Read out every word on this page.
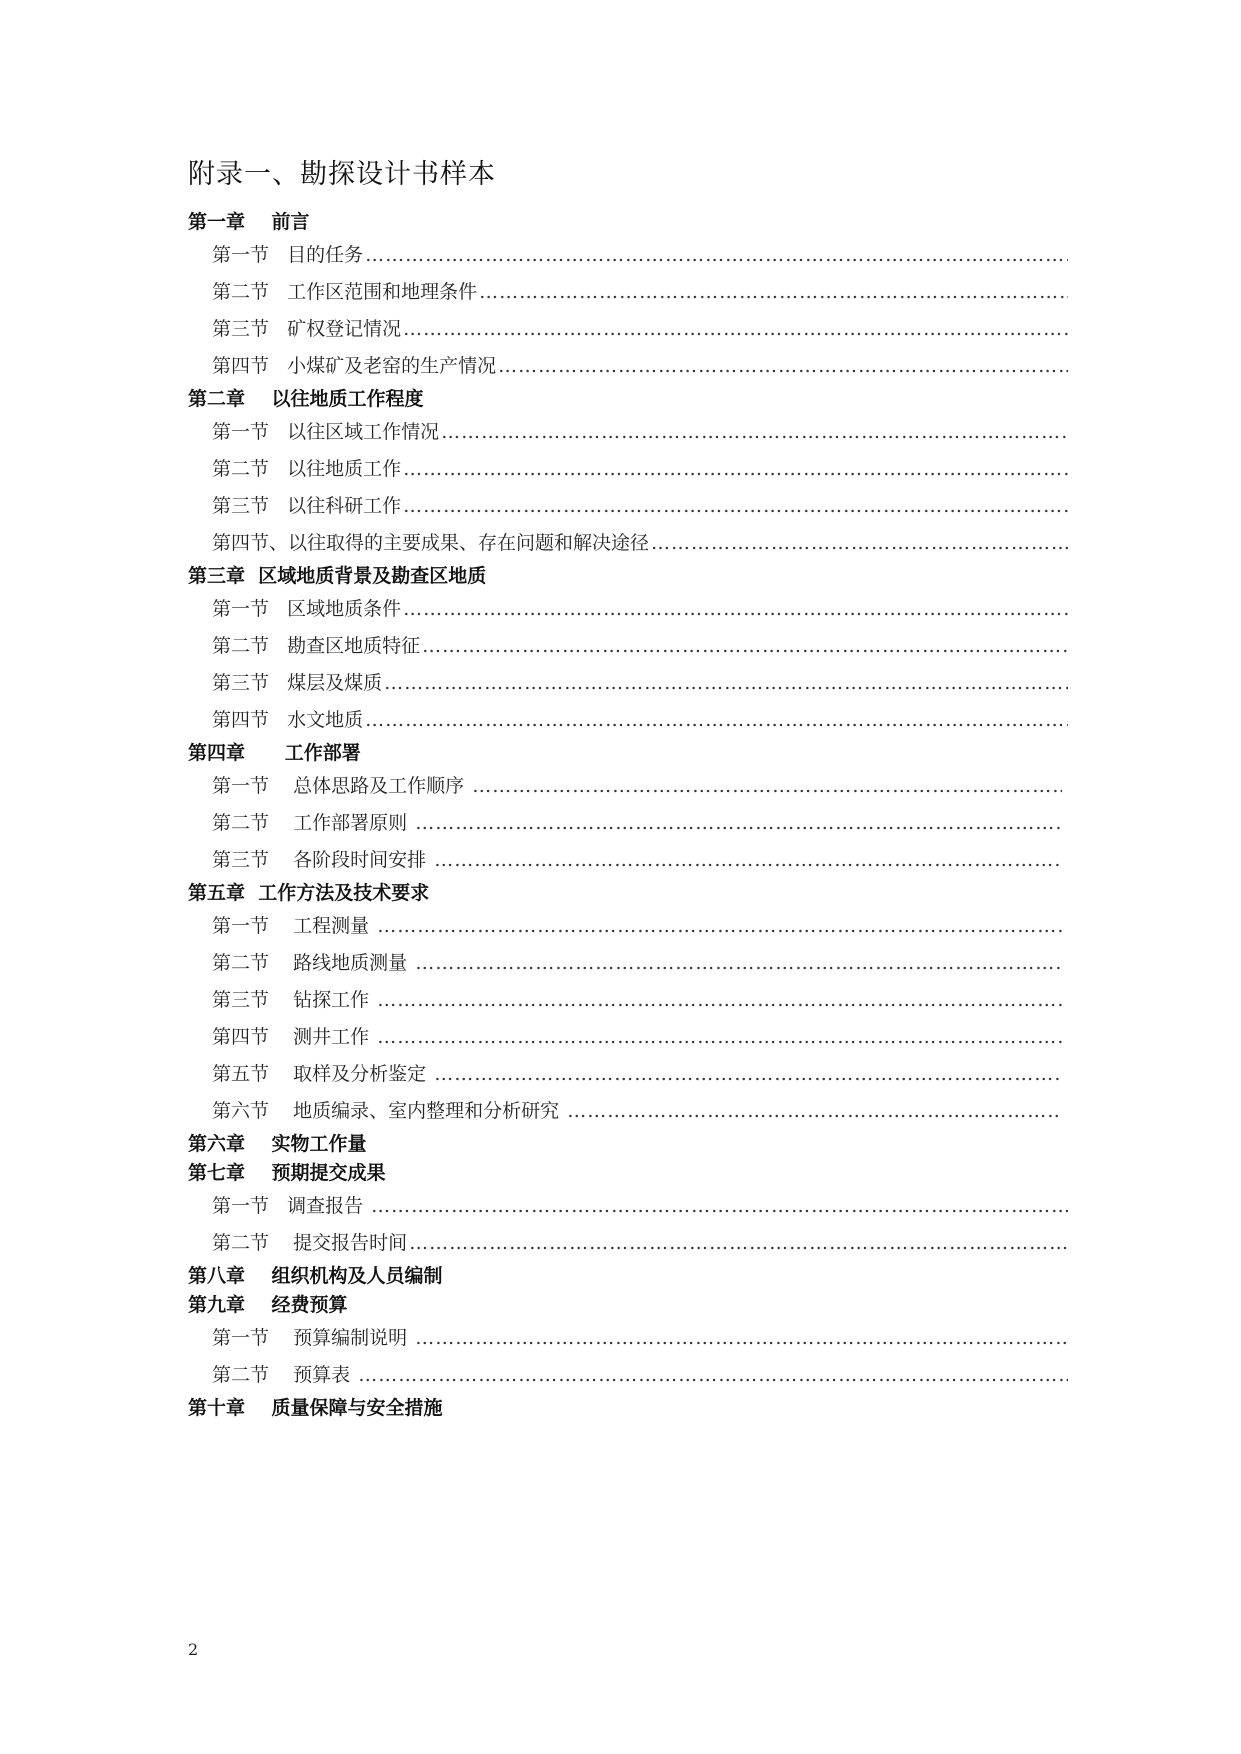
附录一、勘探设计书样本
第一章    前言
第一节   目的任务
………………………………………………………………………………………………………………………………………………………………………………………………………………
第二节   工作区范围和地理条件
………………………………………………………………………………………………………………………………………………………………………………………………………………
第三节   矿权登记情况
………………………………………………………………………………………………………………………………………………………………………………………………………………
第四节   小煤矿及老窑的生产情况
………………………………………………………………………………………………………………………………………………………………………………………………………………
第二章    以往地质工作程度
第一节   以往区域工作情况
………………………………………………………………………………………………………………………………………………………………………………………………………………
第二节   以往地质工作
………………………………………………………………………………………………………………………………………………………………………………………………………………
第三节   以往科研工作
………………………………………………………………………………………………………………………………………………………………………………………………………………
第四节、以往取得的主要成果、存在问题和解决途径
………………………………………………………………………………………………………………………………………………………………………………………………………………
第三章  区域地质背景及勘查区地质
第一节   区域地质条件
………………………………………………………………………………………………………………………………………………………………………………………………………………
第二节   勘查区地质特征
………………………………………………………………………………………………………………………………………………………………………………………………………………
第三节   煤层及煤质
………………………………………………………………………………………………………………………………………………………………………………………………………………
第四节   水文地质
………………………………………………………………………………………………………………………………………………………………………………………………………………
第四章      工作部署
第一节    总体思路及工作顺序
………………………………………………………………………………………………………………………………………………………………………………………………………………
第二节    工作部署原则
………………………………………………………………………………………………………………………………………………………………………………………………………………
第三节    各阶段时间安排
………………………………………………………………………………………………………………………………………………………………………………………………………………
第五章  工作方法及技术要求
第一节    工程测量
………………………………………………………………………………………………………………………………………………………………………………………………………………
第二节    路线地质测量
………………………………………………………………………………………………………………………………………………………………………………………………………………
第三节    钻探工作
………………………………………………………………………………………………………………………………………………………………………………………………………………
第四节    测井工作
………………………………………………………………………………………………………………………………………………………………………………………………………………
第五节    取样及分析鉴定
………………………………………………………………………………………………………………………………………………………………………………………………………………
第六节    地质编录、室内整理和分析研究
………………………………………………………………………………………………………………………………………………………………………………………………………………
第六章    实物工作量
第七章    预期提交成果
第一节   调查报告
………………………………………………………………………………………………………………………………………………………………………………………………………………
第二节    提交报告时间
………………………………………………………………………………………………………………………………………………………………………………………………………………
第八章    组织机构及人员编制
第九章    经费预算
第一节    预算编制说明
………………………………………………………………………………………………………………………………………………………………………………………………………………
第二节    预算表
………………………………………………………………………………………………………………………………………………………………………………………………………………
第十章    质量保障与安全措施
2
